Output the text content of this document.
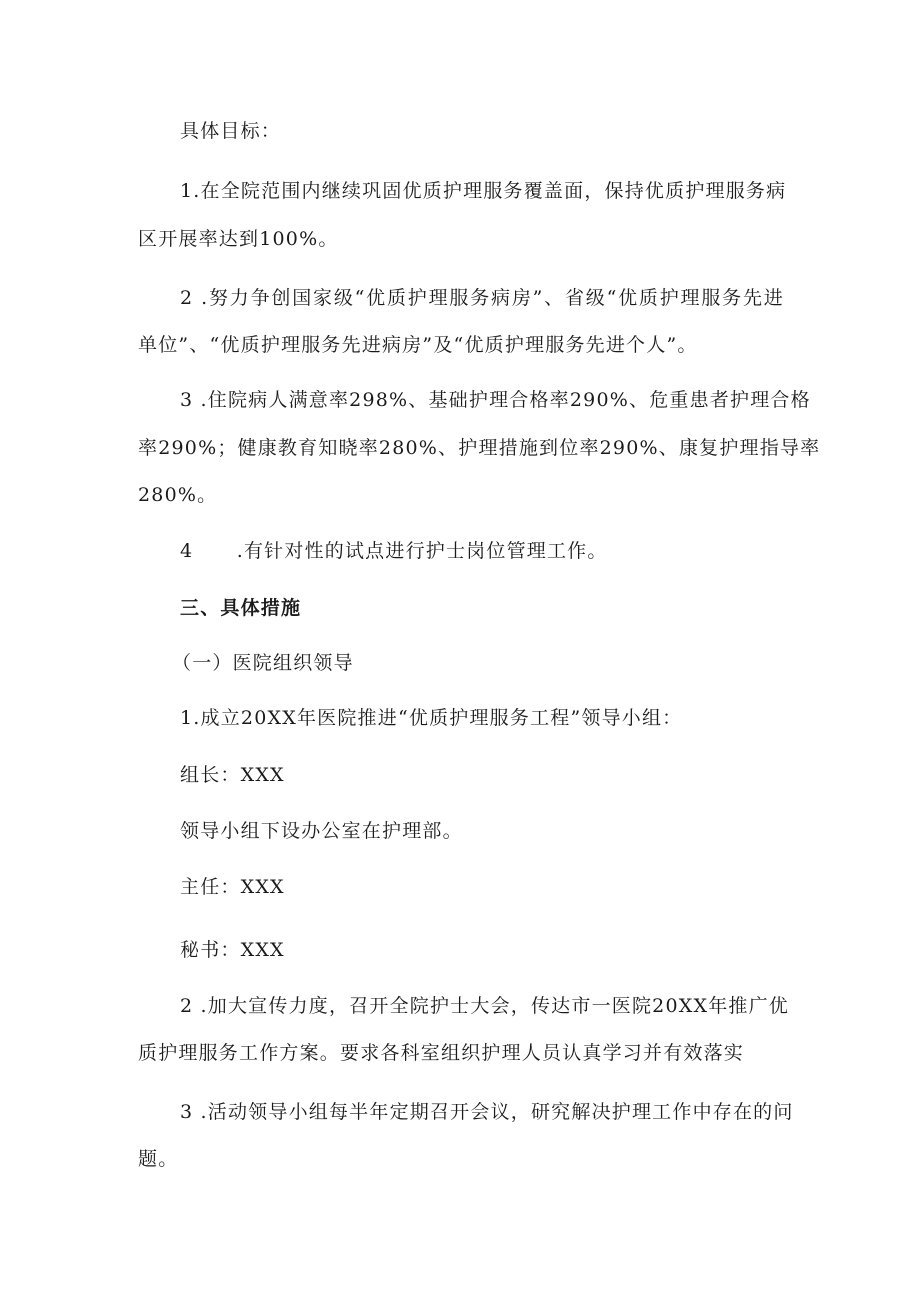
具体目标：
1.在全院范围内继续巩固优质护理服务覆盖面，保持优质护理服务病
区开展率达到100%。
2 .努力争创国家级“优质护理服务病房”、省级“优质护理服务先进
单位”、“优质护理服务先进病房”及“优质护理服务先进个人”。
3 .住院病人满意率298%、基础护理合格率290%、危重患者护理合格
率290%；健康教育知晓率280%、护理措施到位率290%、康复护理指导率
280%。
4      .有针对性的试点进行护士岗位管理工作。
三、具体措施
（一）医院组织领导
1.成立20XX年医院推进“优质护理服务工程”领导小组：
组长：XXX
领导小组下设办公室在护理部。
主任：XXX
秘书：XXX
2 .加大宣传力度，召开全院护士大会，传达市一医院20XX年推广优
质护理服务工作方案。要求各科室组织护理人员认真学习并有效落实
3 .活动领导小组每半年定期召开会议，研究解决护理工作中存在的问
题。
